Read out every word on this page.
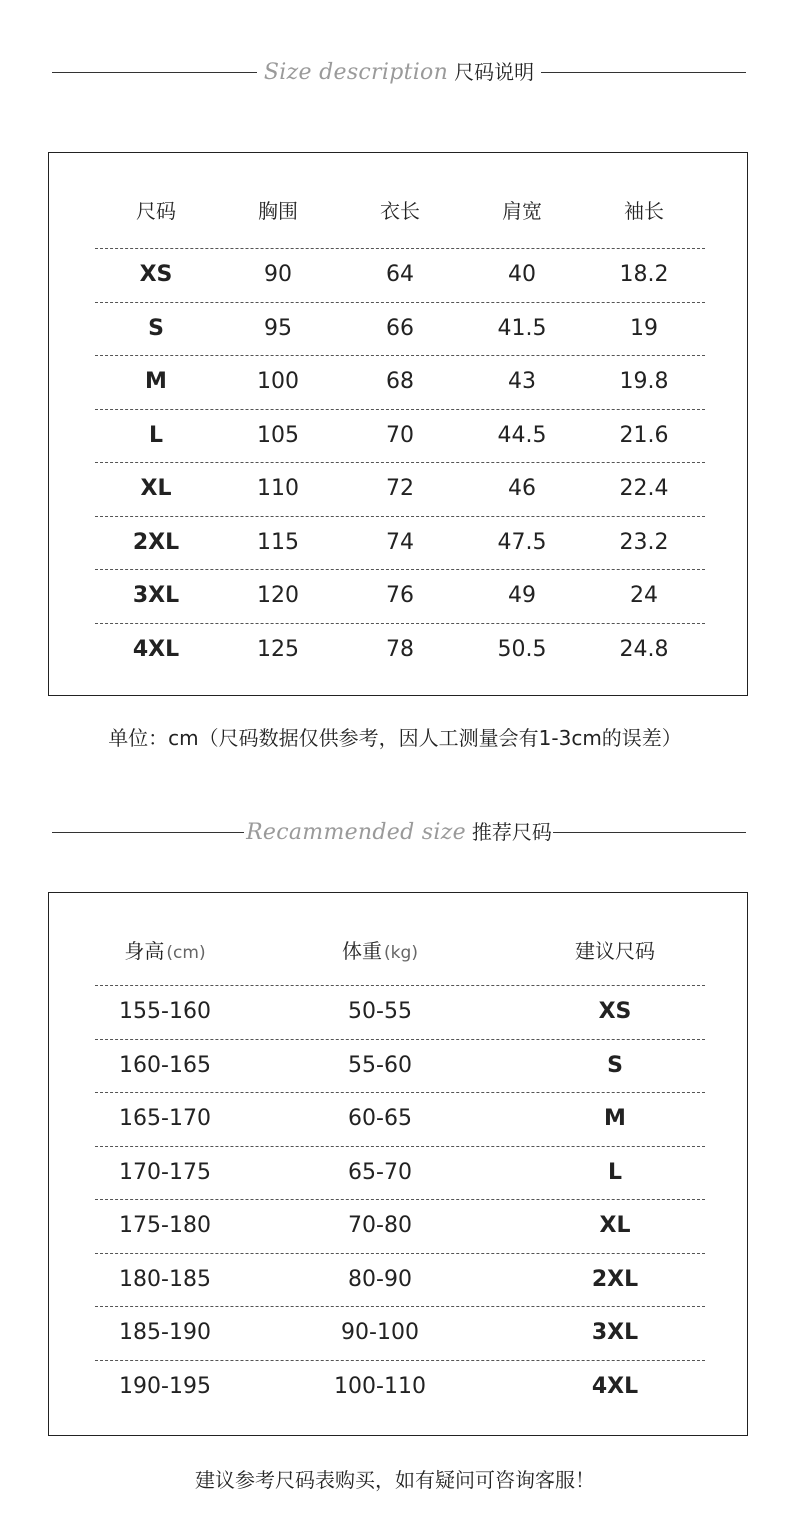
Size description 尺码说明
尺码	胸围	衣长	肩宽	袖长
XS	90	64	40	18.2
S	95	66	41.5	19
M	100	68	43	19.8
L	105	70	44.5	21.6
XL	110	72	46	22.4
2XL	115	74	47.5	23.2
3XL	120	76	49	24
4XL	125	78	50.5	24.8
单位：cm（尺码数据仅供参考，因人工测量会有1-3cm的误差）
Recammended size 推荐尺码
身高 (cm)	体重 (kg)	建议尺码
155-160	50-55	XS
160-165	55-60	S
165-170	60-65	M
170-175	65-70	L
175-180	70-80	XL
180-185	80-90	2XL
185-190	90-100	3XL
190-195	100-110	4XL
建议参考尺码表购买，如有疑问可咨询客服！
